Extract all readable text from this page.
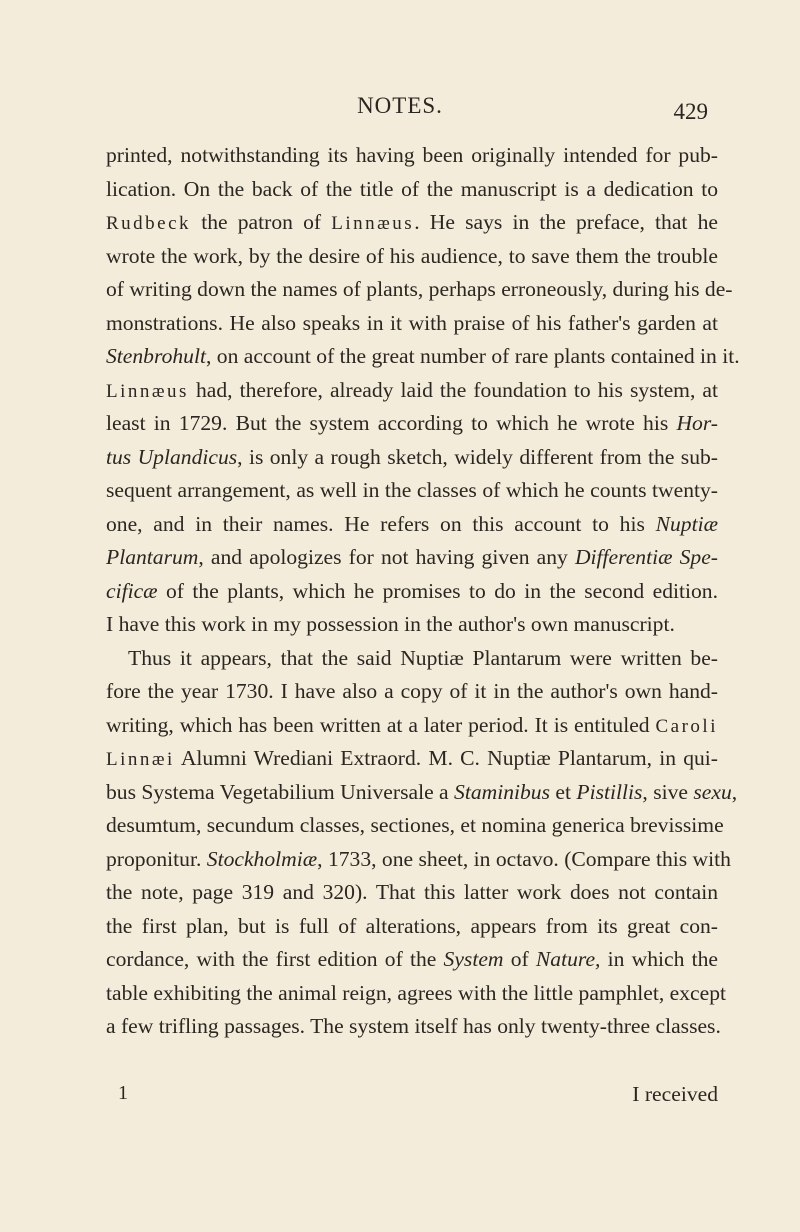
NOTES.	429
printed, notwithstanding its having been originally intended for pub-
lication. On the back of the title of the manuscript is a dedication to
Rudbeck the patron of Linnæus. He says in the preface, that he
wrote the work, by the desire of his audience, to save them the trouble
of writing down the names of plants, perhaps erroneously, during his de-
monstrations. He also speaks in it with praise of his father's garden at
Stenbrohult, on account of the great number of rare plants contained in it.
Linnæus had, therefore, already laid the foundation to his system, at
least in 1729. But the system according to which he wrote his Hor-
tus Uplandicus, is only a rough sketch, widely different from the sub-
sequent arrangement, as well in the classes of which he counts twenty-
one, and in their names. He refers on this account to his Nuptiæ
Plantarum, and apologizes for not having given any Differentiæ Spe-
cificæ of the plants, which he promises to do in the second edition.
I have this work in my possession in the author's own manuscript.
Thus it appears, that the said Nuptiæ Plantarum were written be-
fore the year 1730. I have also a copy of it in the author's own hand-
writing, which has been written at a later period. It is entituled Caroli
Linnæi Alumni Wrediani Extraord. M. C. Nuptiæ Plantarum, in qui-
bus Systema Vegetabilium Universale a Staminibus et Pistillis, sive sexu,
desumtum, secundum classes, sectiones, et nomina generica brevissime
proponitur. Stockholmiæ, 1733, one sheet, in octavo. (Compare this with
the note, page 319 and 320). That this latter work does not contain
the first plan, but is full of alterations, appears from its great con-
cordance, with the first edition of the System of Nature, in which the
table exhibiting the animal reign, agrees with the little pamphlet, except
a few trifling passages. The system itself has only twenty-three classes.
1	I received
